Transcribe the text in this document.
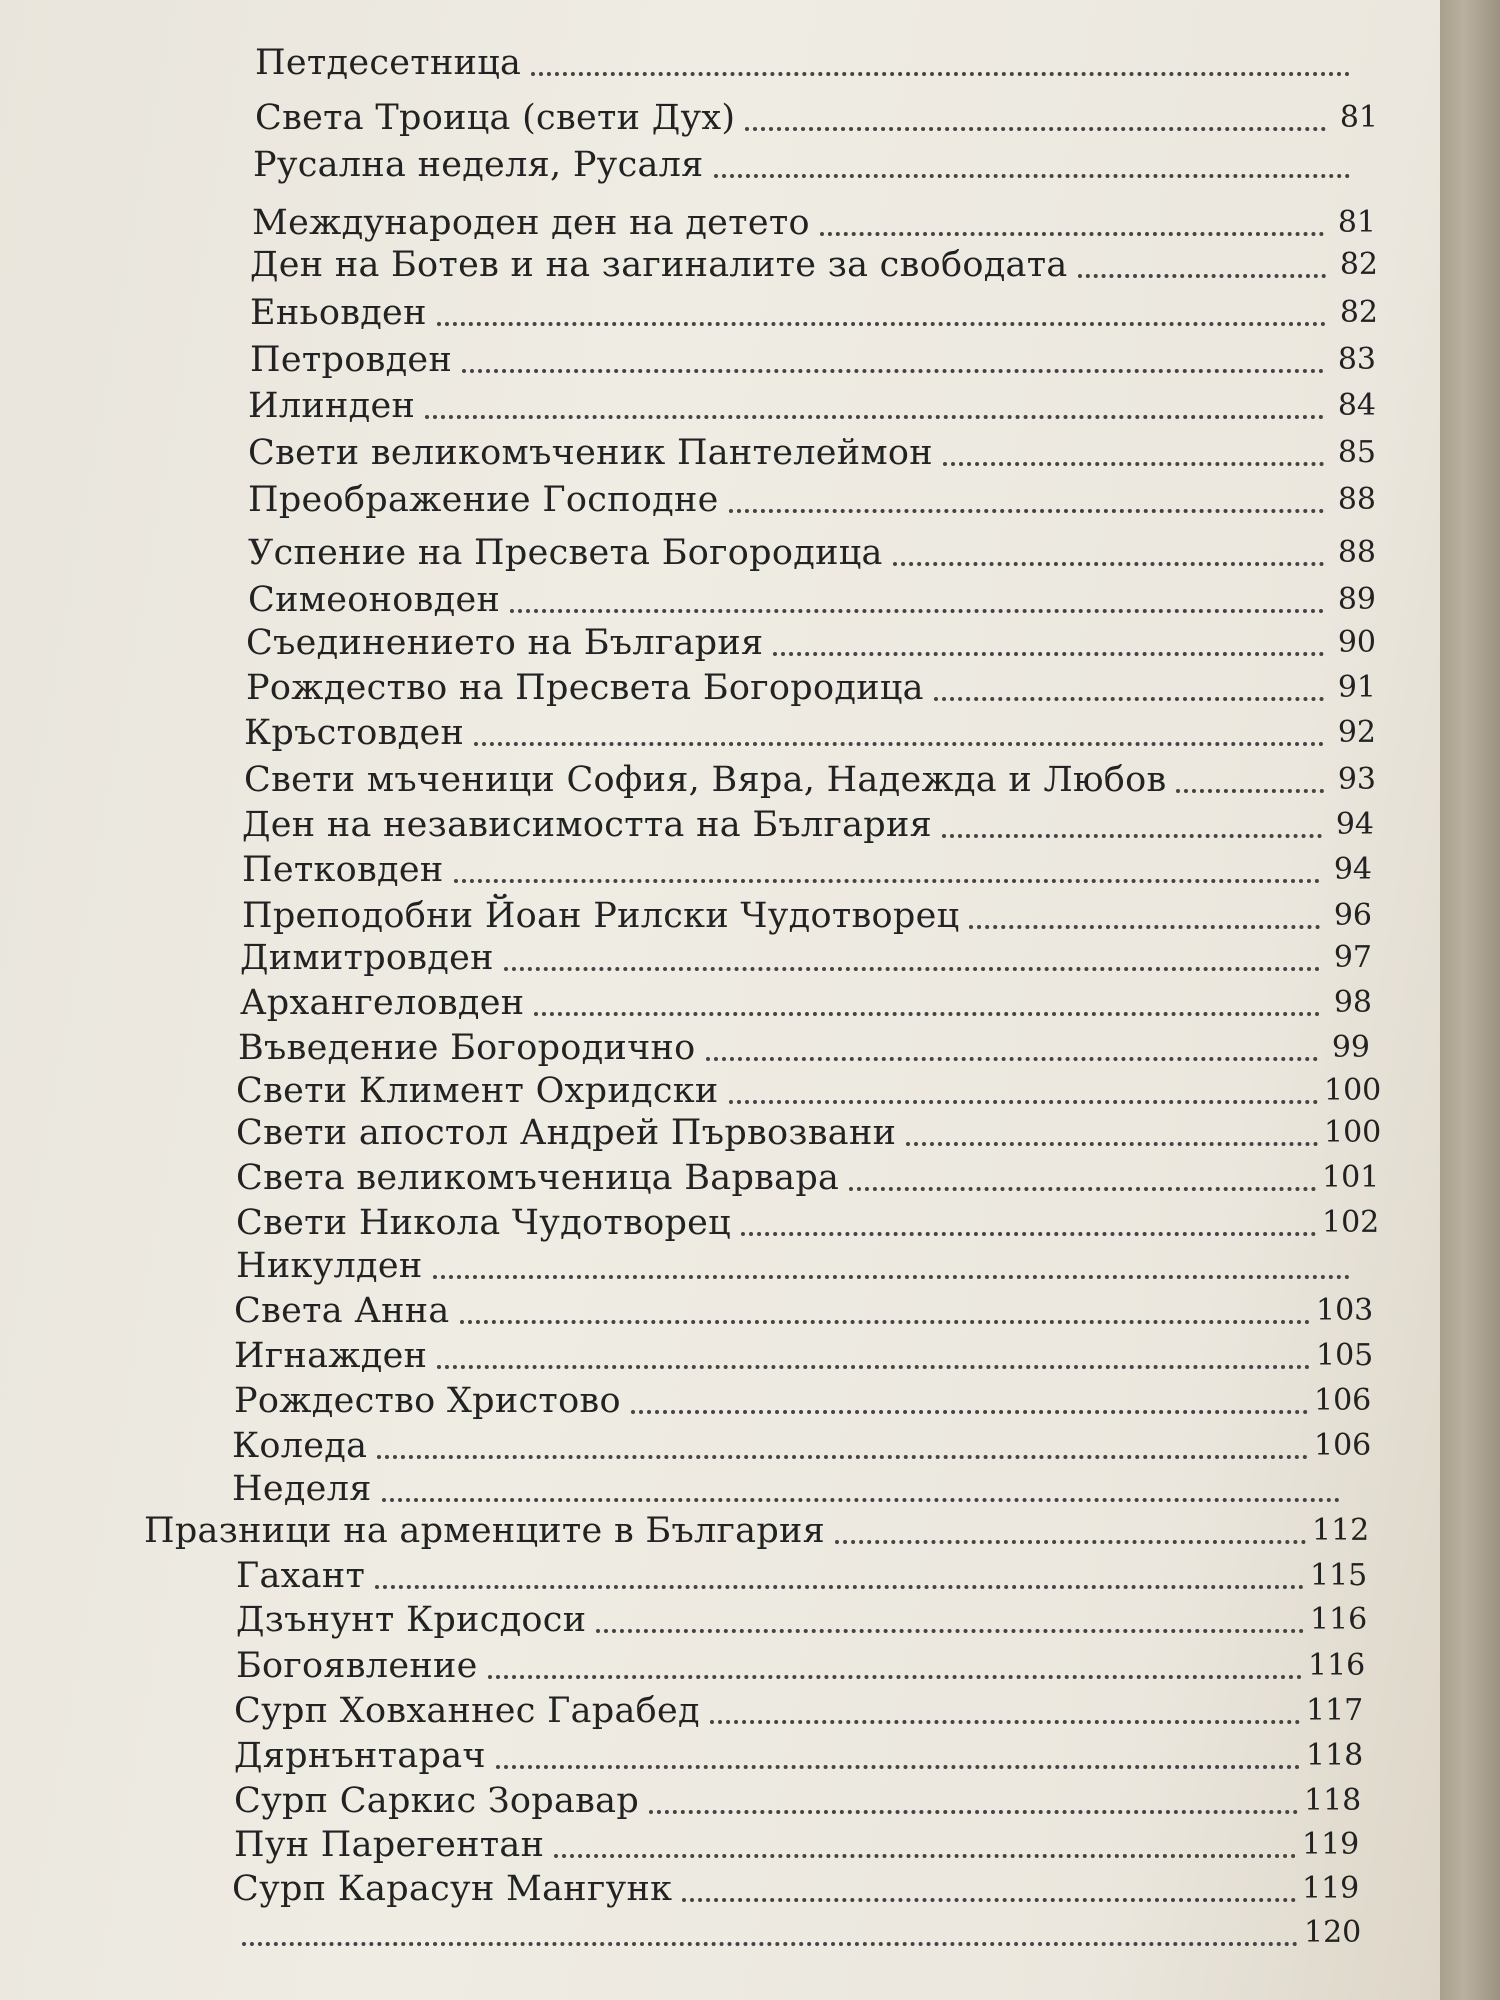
Петдесетница
Света Троица (свети Дух)	81
Русална неделя, Русаля
Международен ден на детето	81
Ден на Ботев и на загиналите за свободата	82
Еньовден	82
Петровден	83
Илинден	84
Свети великомъченик Пантелеймон	85
Преображение Господне	88
Успение на Пресвета Богородица	88
Симеоновден	89
Съединението на България	90
Рождество на Пресвета Богородица	91
Кръстовден	92
Свети мъченици София, Вяра, Надежда и Любов	93
Ден на независимостта на България	94
Петковден	94
Преподобни Йоан Рилски Чудотворец	96
Димитровден	97
Архангеловден	98
Въведение Богородично	99
Свети Климент Охридски	100
Свети апостол Андрей Първозвани	100
Света великомъченица Варвара	101
Свети Никола Чудотворец	102
Никулден
Света Анна	103
Игнажден	105
Рождество Христово	106
Коледа	106
Неделя
Празници на арменците в България	112
Гахант	115
Дзънунт Крисдоси	116
Богоявление	116
Сурп Ховханнес Гарабед	117
Дярнънтарач	118
Сурп Саркис Зоравар	118
Пун Парегентан	119
Сурп Карасун Мангунк	119
120
